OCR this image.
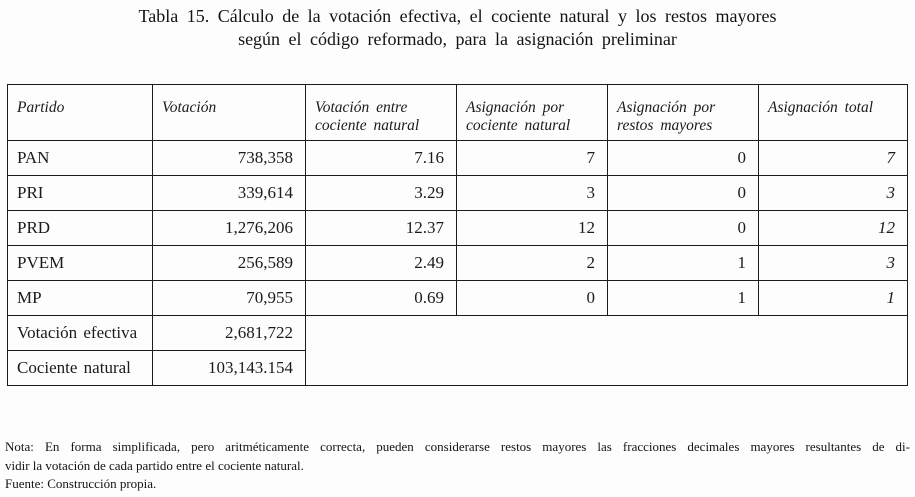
Tabla 15. Cálculo de la votación efectiva, el cociente natural y los restos mayores
según el código reformado, para la asignación preliminar
Partido	Votación	Votación entre cociente natural	Asignación por cociente natural	Asignación por restos mayores	Asignación total
PAN	738,358	7.16	7	0	7
PRI	339,614	3.29	3	0	3
PRD	1,276,206	12.37	12	0	12
PVEM	256,589	2.49	2	1	3
MP	70,955	0.69	0	1	1
Votación efectiva	2,681,722				
Cociente natural	103,143.154				
Nota: En forma simplificada, pero aritméticamente correcta, pueden considerarse restos mayores las fracciones decimales mayores resultantes de di-
vidir la votación de cada partido entre el cociente natural.
Fuente: Construcción propia.
